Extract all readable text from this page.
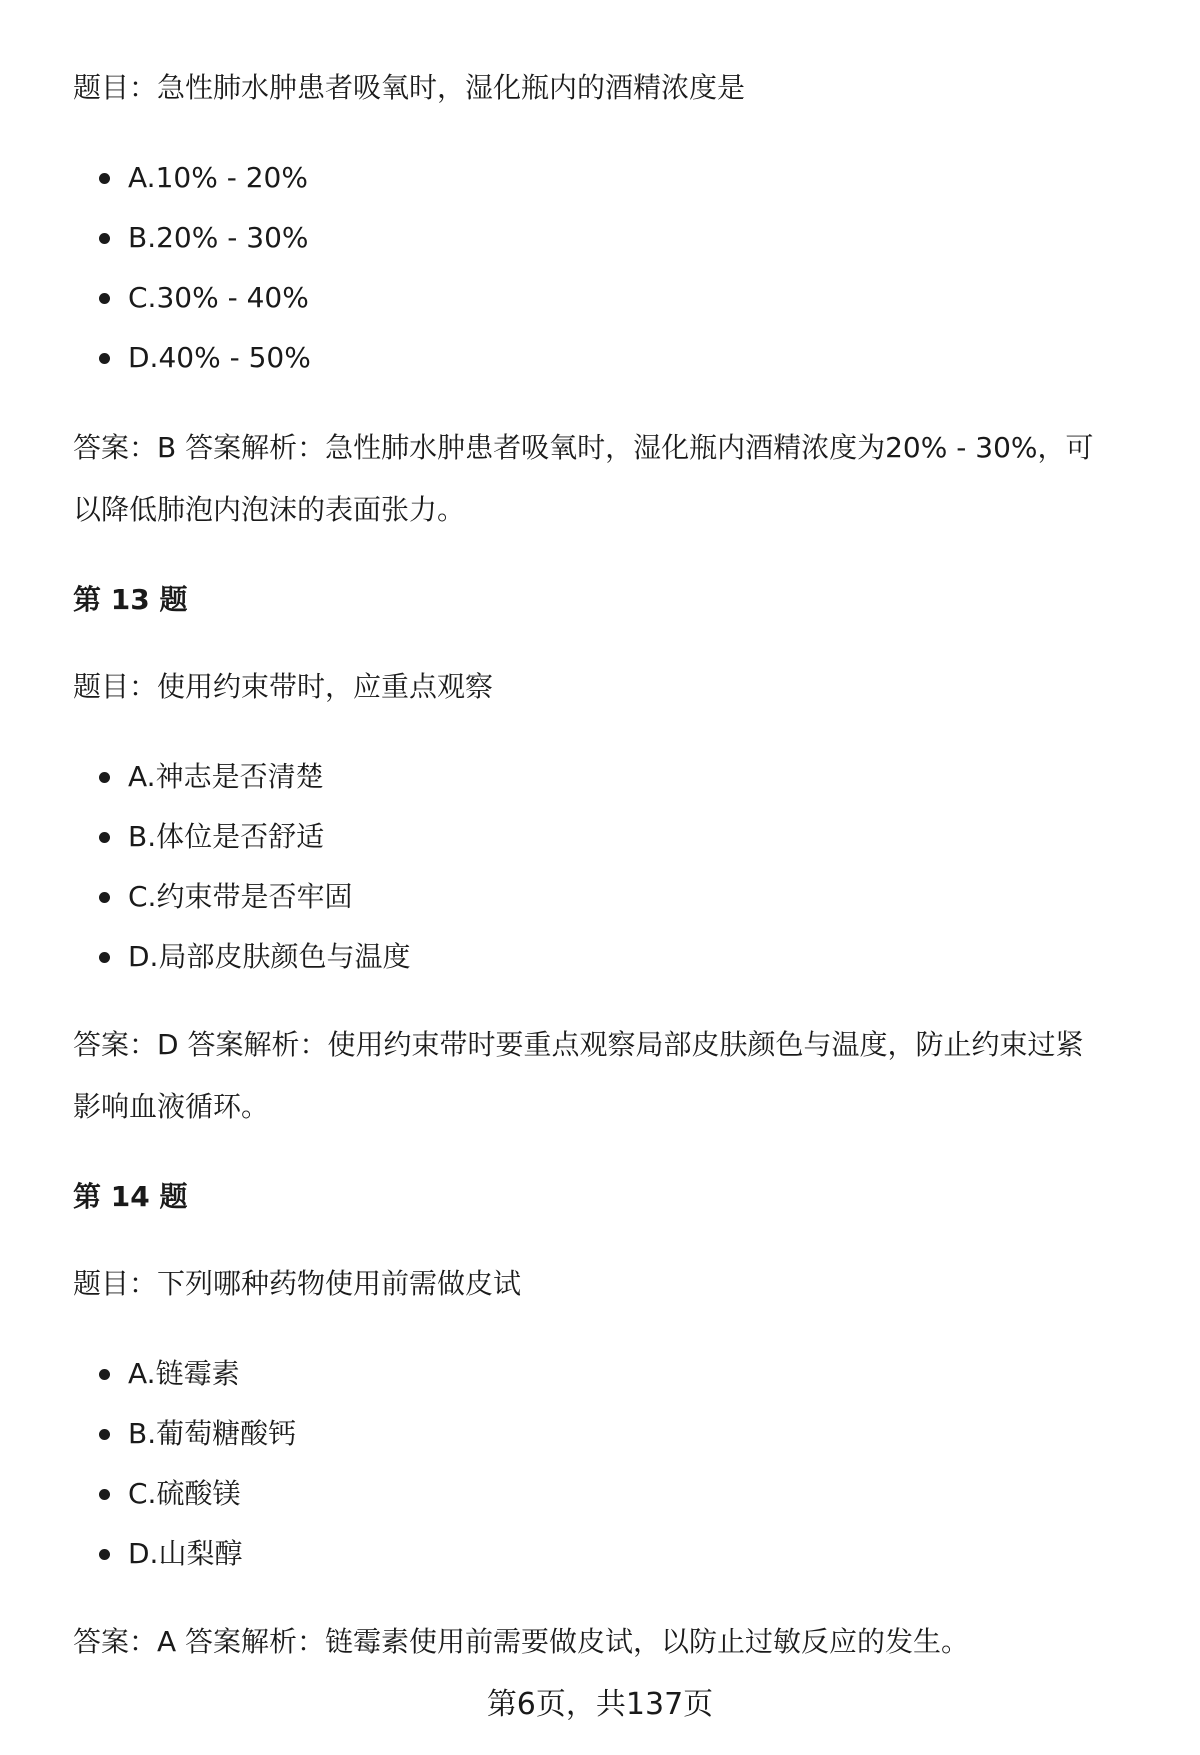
题目：急性肺水肿患者吸氧时，湿化瓶内的酒精浓度是
A.10% - 20%
B.20% - 30%
C.30% - 40%
D.40% - 50%
答案：B 答案解析：急性肺水肿患者吸氧时，湿化瓶内酒精浓度为20% - 30%，可
以降低肺泡内泡沫的表面张力。
第 13 题
题目：使用约束带时，应重点观察
A.神志是否清楚
B.体位是否舒适
C.约束带是否牢固
D.局部皮肤颜色与温度
答案：D 答案解析：使用约束带时要重点观察局部皮肤颜色与温度，防止约束过紧
影响血液循环。
第 14 题
题目：下列哪种药物使用前需做皮试
A.链霉素
B.葡萄糖酸钙
C.硫酸镁
D.山梨醇
答案：A 答案解析：链霉素使用前需要做皮试，以防止过敏反应的发生。
第6页，共137页
